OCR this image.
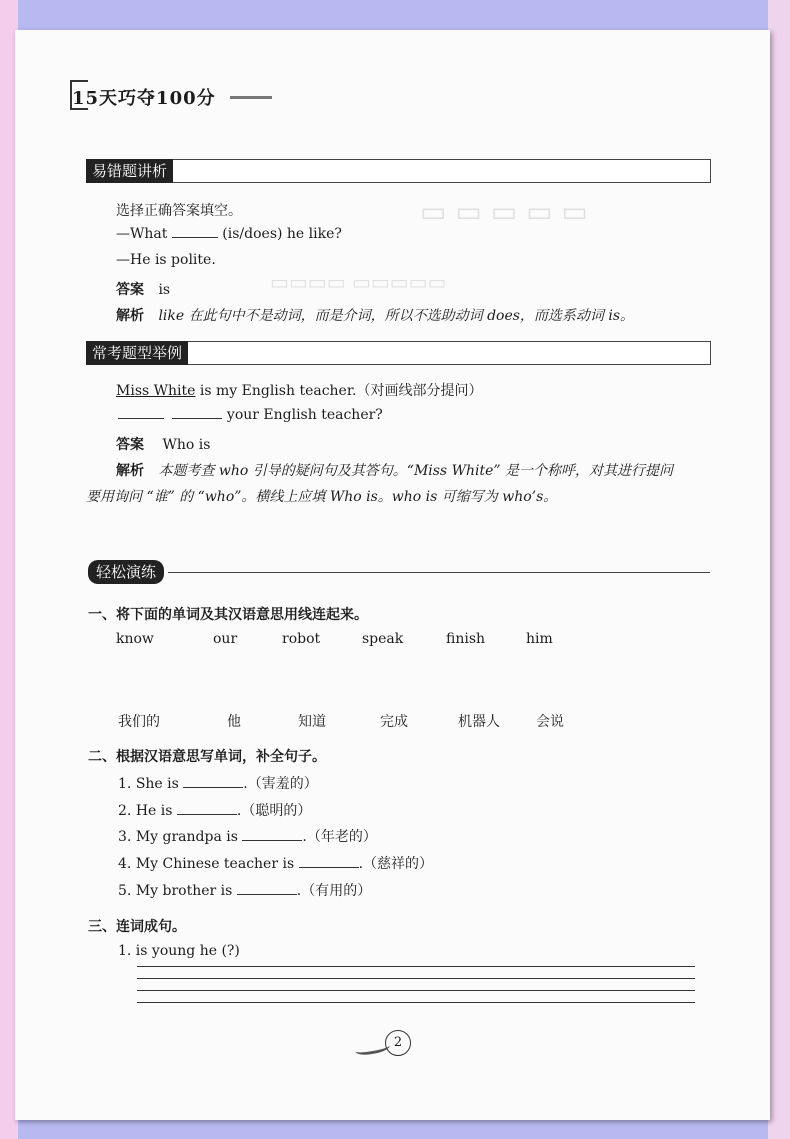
▭ ▭ ▭ ▭ ▭
▭▭▭▭ ▭▭▭▭▭
15天巧夺100分
易错题讲析
选择正确答案填空。
—What	(is/does) he like?
—He is polite.
答案 is
解析 like 在此句中不是动词，而是介词，所以不选助动词 does，而选系动词 is。
常考题型举例
Miss White is my English teacher.（对画线部分提问）
your English teacher?
答案 Who is
解析 本题考查 who 引导的疑问句及其答句。“Miss White” 是一个称呼，对其进行提问
要用询问 “谁” 的 “who”。横线上应填 Who is。who is 可缩写为 who’s。
轻松演练
一、将下面的单词及其汉语意思用线连起来。
know	our	robot	speak	finish	him
我们的	他	知道	完成	机器人	会说
二、根据汉语意思写单词，补全句子。
1. She is	.（害羞的）
2. He is	.（聪明的）
3. My grandpa is	.（年老的）
4. My Chinese teacher is	.（慈祥的）
5. My brother is	.（有用的）
三、连词成句。
1. is young he (?)
2
